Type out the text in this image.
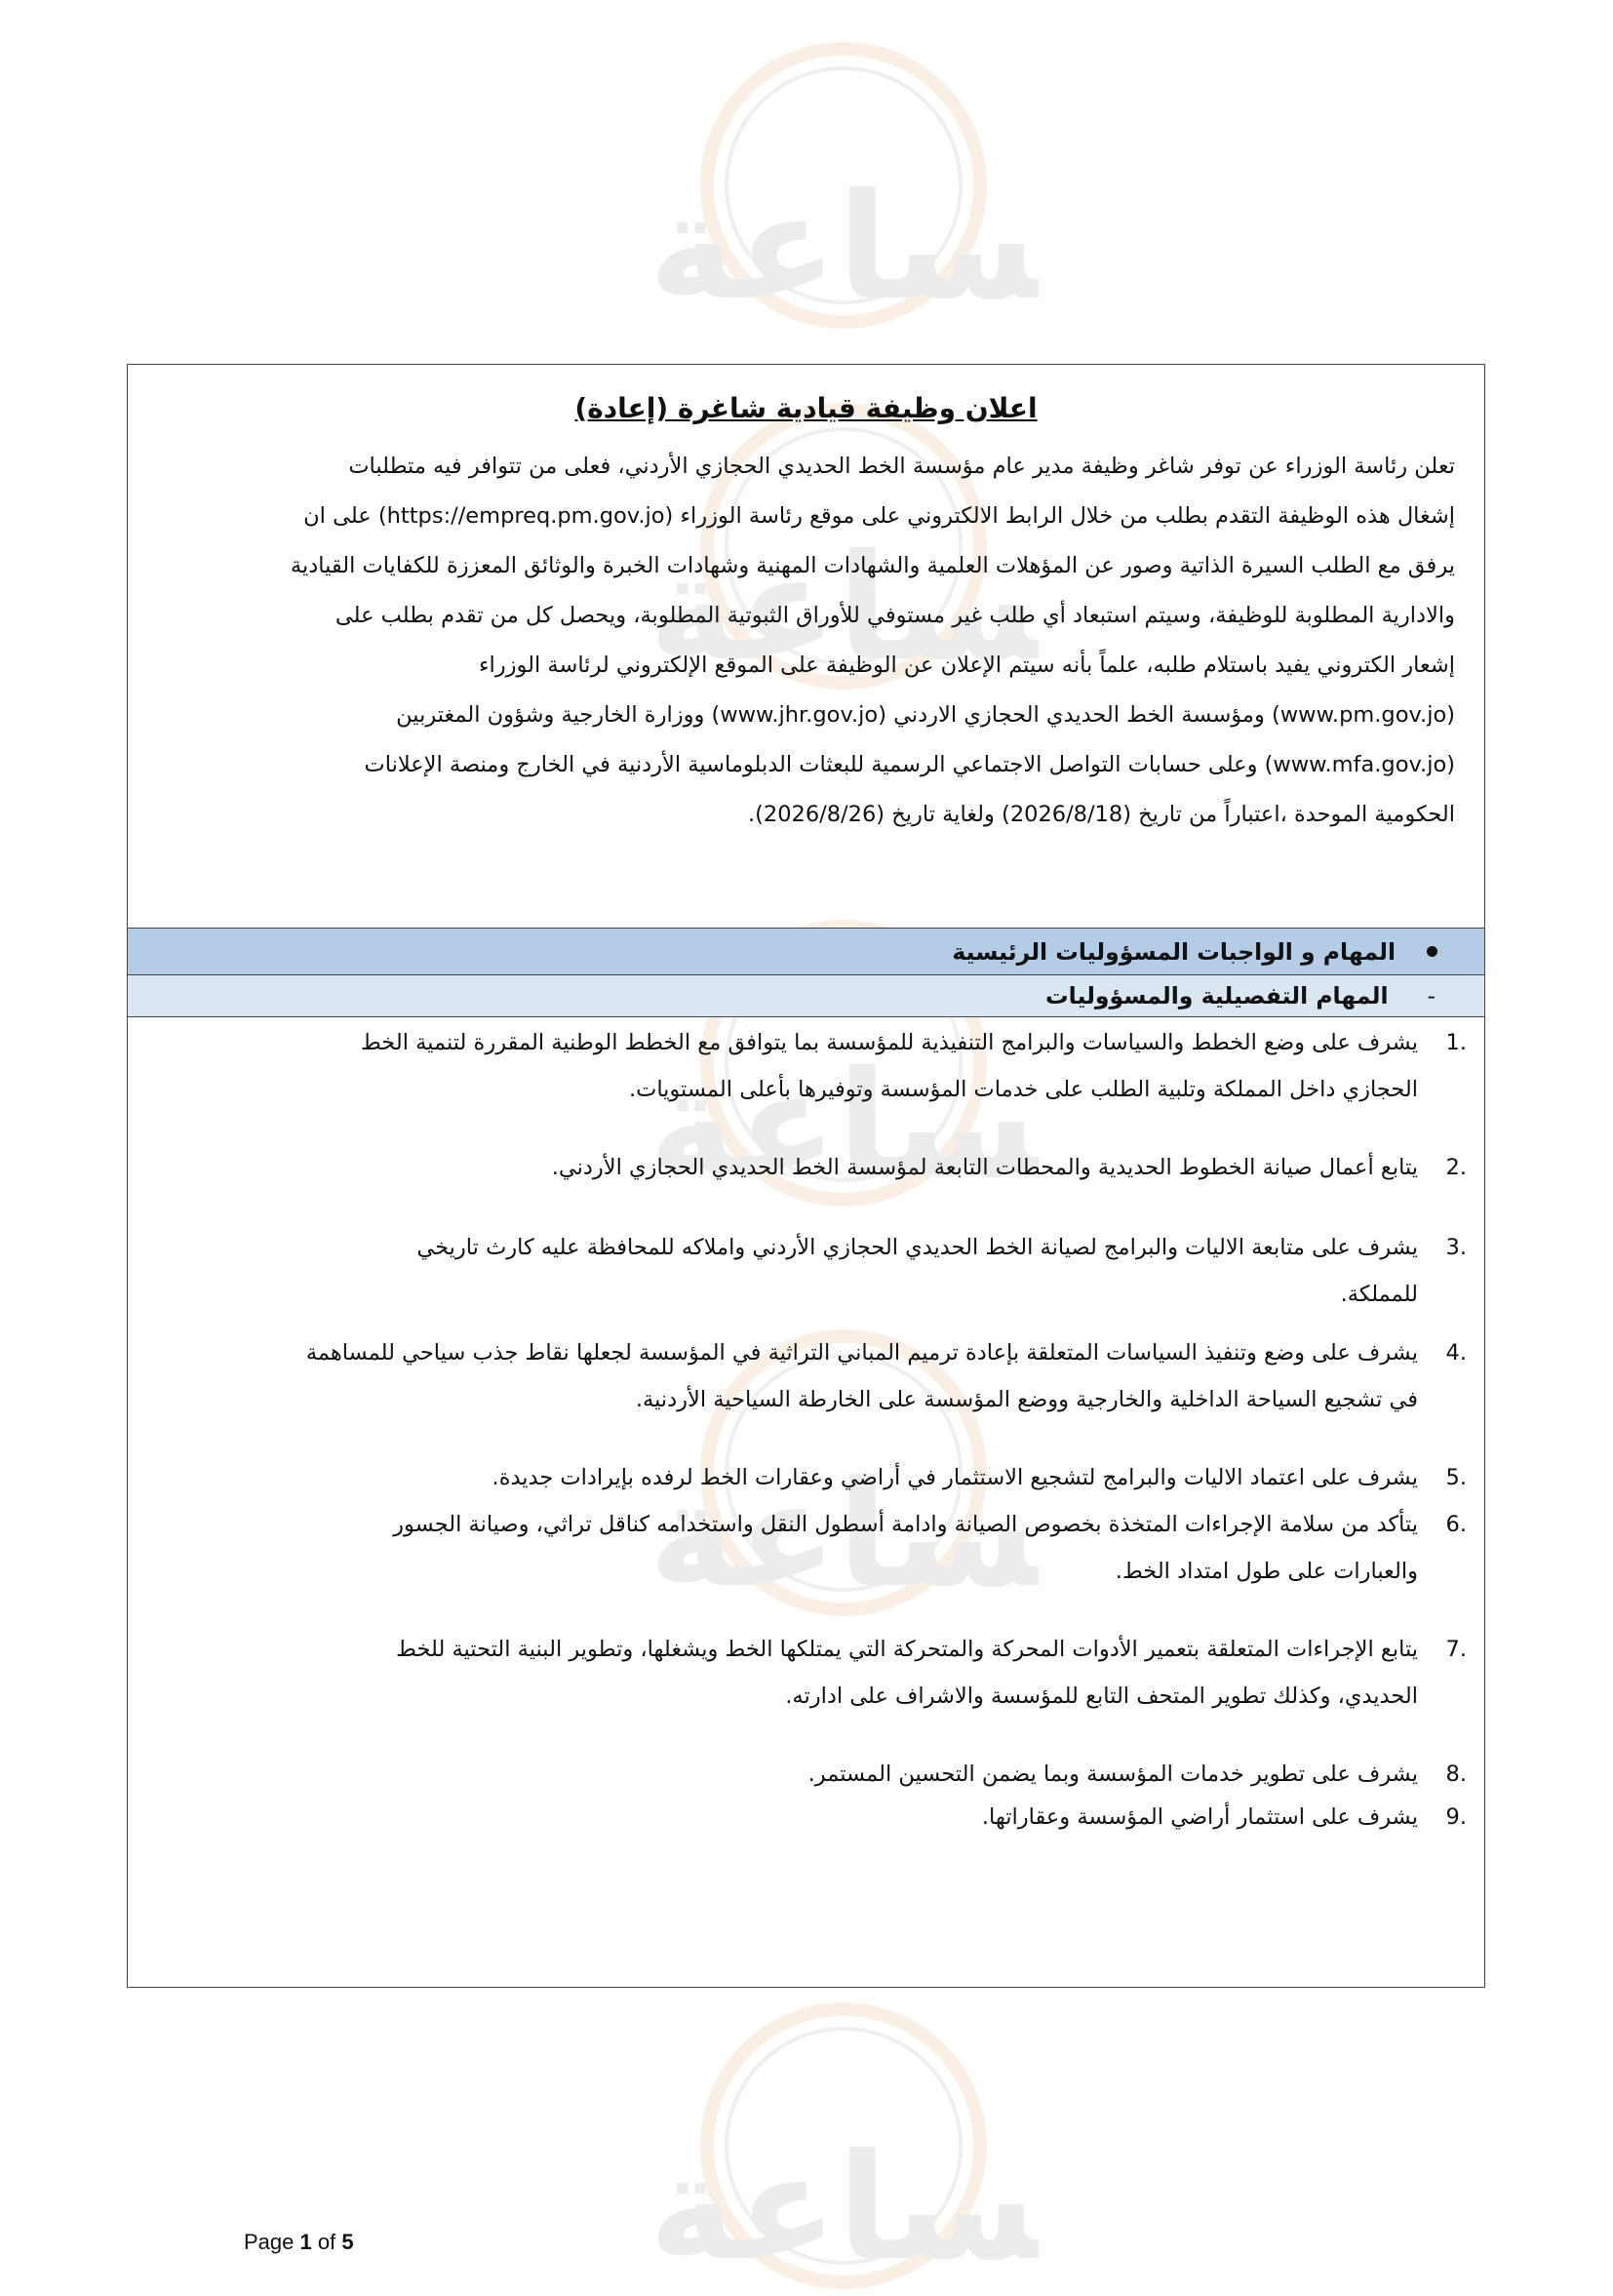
ساعة
ساعة
ساعة
ساعة
ساعة
اعلان وظيفة قيادية شاغرة (إعادة)
تعلن رئاسة الوزراء عن توفر شاغر وظيفة مدير عام مؤسسة الخط الحديدي الحجازي الأردني، فعلى من تتوافر فيه متطلبات
إشغال هذه الوظيفة التقدم بطلب من خلال الرابط الالكتروني على موقع رئاسة الوزراء (https://empreq.pm.gov.jo) على ان
يرفق مع الطلب السيرة الذاتية وصور عن المؤهلات العلمية والشهادات المهنية وشهادات الخبرة والوثائق المعززة للكفايات القيادية
والادارية المطلوبة للوظيفة، وسيتم استبعاد أي طلب غير مستوفي للأوراق الثبوتية المطلوبة، ويحصل كل من تقدم بطلب على
إشعار الكتروني يفيد باستلام طلبه، علماً بأنه سيتم الإعلان عن الوظيفة على الموقع الإلكتروني لرئاسة الوزراء
(www.pm.gov.jo) ومؤسسة الخط الحديدي الحجازي الاردني (www.jhr.gov.jo) ووزارة الخارجية وشؤون المغتربين
(www.mfa.gov.jo) وعلى حسابات التواصل الاجتماعي الرسمية للبعثات الدبلوماسية الأردنية في الخارج ومنصة الإعلانات
الحكومية الموحدة ،اعتباراً من تاريخ (2026/8/18) ولغاية تاريخ (2026/8/26).
المهام و الواجبات المسؤوليات الرئيسية
-
المهام التفصيلية والمسؤوليات
1.
يشرف على وضع الخطط والسياسات والبرامج التنفيذية للمؤسسة بما يتوافق مع الخطط الوطنية المقررة لتنمية الخط
الحجازي داخل المملكة وتلبية الطلب على خدمات المؤسسة وتوفيرها بأعلى المستويات.
2.
يتابع أعمال صيانة الخطوط الحديدية والمحطات التابعة لمؤسسة الخط الحديدي الحجازي الأردني.
3.
يشرف على متابعة الاليات والبرامج لصيانة الخط الحديدي الحجازي الأردني واملاكه للمحافظة عليه كارث تاريخي
للمملكة.
4.
يشرف على وضع وتنفيذ السياسات المتعلقة بإعادة ترميم المباني التراثية في المؤسسة لجعلها نقاط جذب سياحي للمساهمة
في تشجيع السياحة الداخلية والخارجية ووضع المؤسسة على الخارطة السياحية الأردنية.
5.
يشرف على اعتماد الاليات والبرامج لتشجيع الاستثمار في أراضي وعقارات الخط لرفده بإيرادات جديدة.
6.
يتأكد من سلامة الإجراءات المتخذة بخصوص الصيانة وادامة أسطول النقل واستخدامه كناقل تراثي، وصيانة الجسور
والعبارات على طول امتداد الخط.
7.
يتابع الإجراءات المتعلقة بتعمير الأدوات المحركة والمتحركة التي يمتلكها الخط ويشغلها، وتطوير البنية التحتية للخط
الحديدي، وكذلك تطوير المتحف التابع للمؤسسة والاشراف على ادارته.
8.
يشرف على تطوير خدمات المؤسسة وبما يضمن التحسين المستمر.
9.
يشرف على استثمار أراضي المؤسسة وعقاراتها.
Page 1 of 5
